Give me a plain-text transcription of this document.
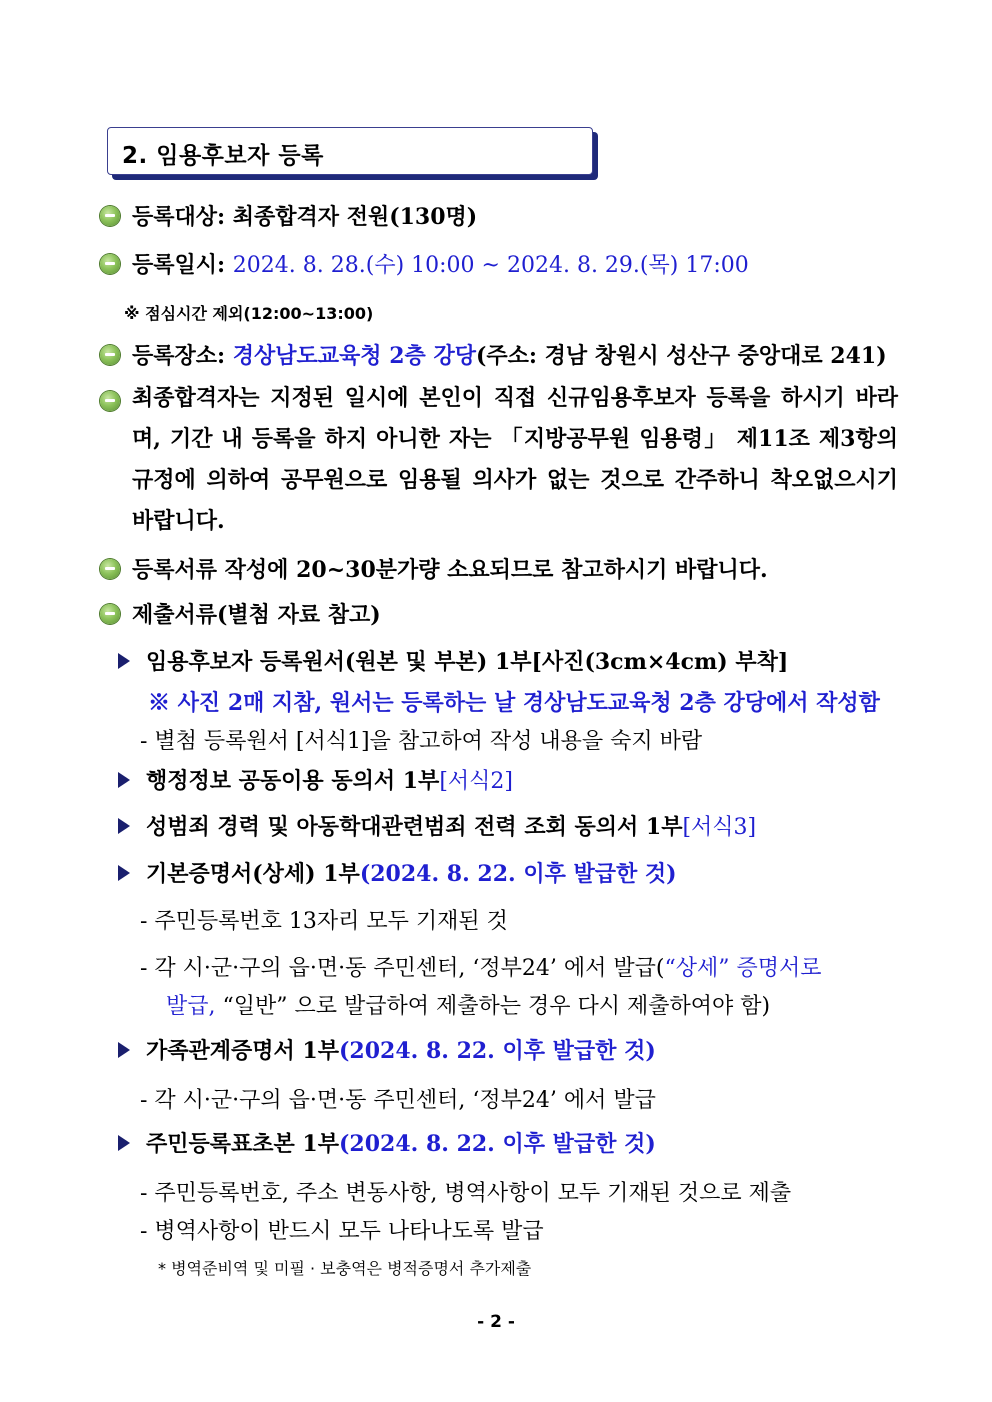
2. 임용후보자 등록
등록대상: 최종합격자 전원(130명)
등록일시: 2024. 8. 28.(수) 10:00 ~ 2024. 8. 29.(목) 17:00
※ 점심시간 제외(12:00~13:00)
등록장소: 경상남도교육청 2층 강당(주소: 경남 창원시 성산구 중앙대로 241)
최종합격자는 지정된 일시에 본인이 직접 신규임용후보자 등록을 하시기 바라며, 기간 내 등록을 하지 아니한 자는 「지방공무원 임용령」 제11조 제3항의 규정에 의하여 공무원으로 임용될 의사가 없는 것으로 간주하니 착오없으시기 바랍니다.
등록서류 작성에 20~30분가량 소요되므로 참고하시기 바랍니다.
제출서류(별첨 자료 참고)
임용후보자 등록원서(원본 및 부본) 1부[사진(3cm×4cm) 부착]
※ 사진 2매 지참, 원서는 등록하는 날 경상남도교육청 2층 강당에서 작성함
- 별첨 등록원서 [서식1]을 참고하여 작성 내용을 숙지 바람
행정정보 공동이용 동의서 1부[서식2]
성범죄 경력 및 아동학대관련범죄 전력 조회 동의서 1부[서식3]
기본증명서(상세) 1부(2024. 8. 22. 이후 발급한 것)
- 주민등록번호 13자리 모두 기재된 것
- 각 시·군·구의 읍·면·동 주민센터, ‘정부24’ 에서 발급(“상세” 증명서로
발급, “일반” 으로 발급하여 제출하는 경우 다시 제출하여야 함)
가족관계증명서 1부(2024. 8. 22. 이후 발급한 것)
- 각 시·군·구의 읍·면·동 주민센터, ‘정부24’ 에서 발급
주민등록표초본 1부(2024. 8. 22. 이후 발급한 것)
- 주민등록번호, 주소 변동사항, 병역사항이 모두 기재된 것으로 제출
- 병역사항이 반드시 모두 나타나도록 발급
* 병역준비역 및 미필 · 보충역은 병적증명서 추가제출
- 2 -
